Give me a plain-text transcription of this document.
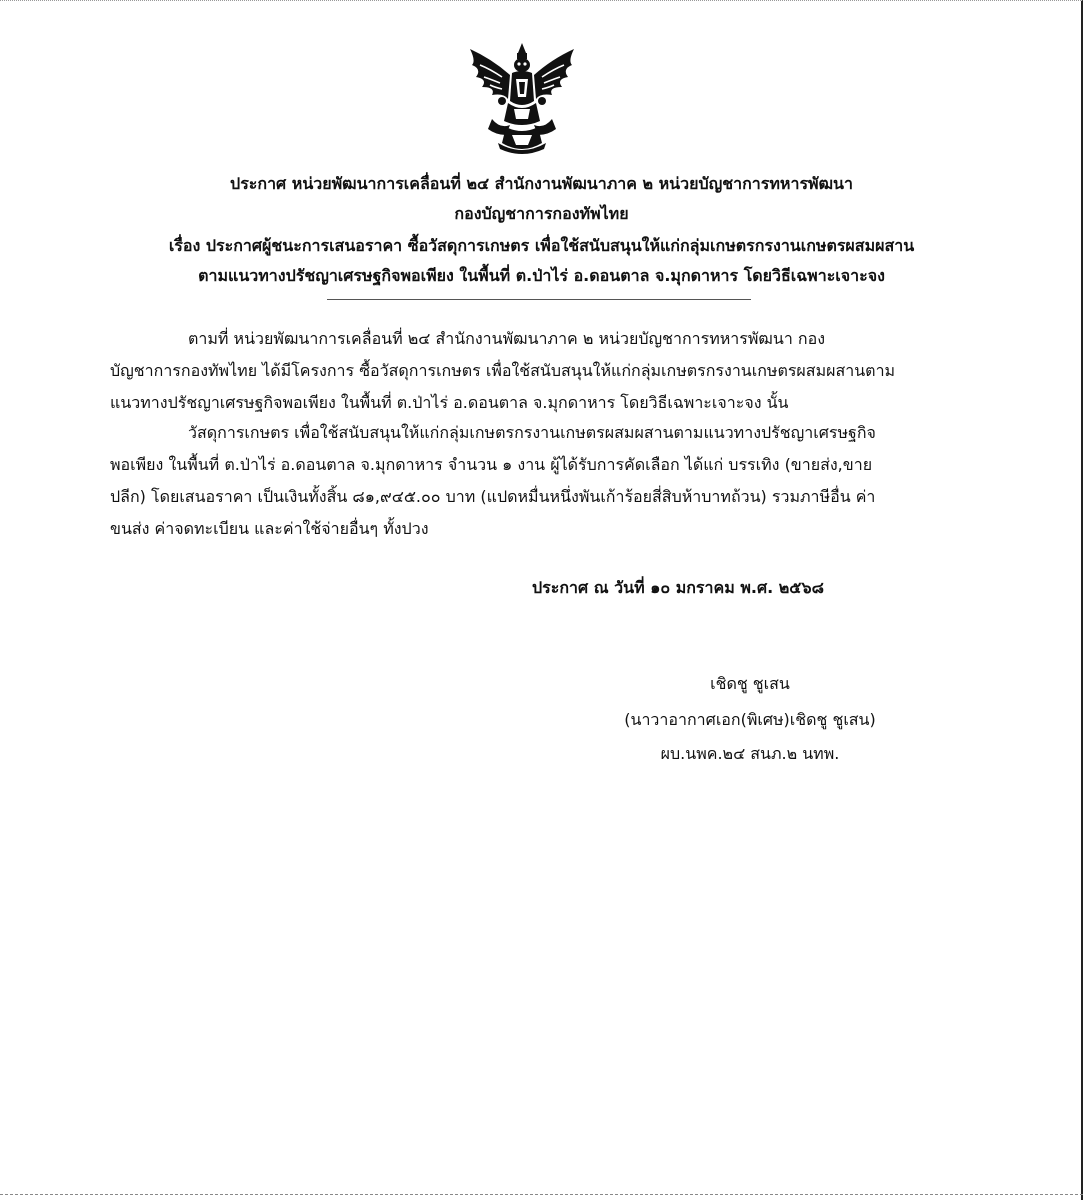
ประกาศ หน่วยพัฒนาการเคลื่อนที่ ๒๔ สำนักงานพัฒนาภาค ๒ หน่วยบัญชาการทหารพัฒนา
กองบัญชาการกองทัพไทย
เรื่อง ประกาศผู้ชนะการเสนอราคา ซื้อวัสดุการเกษตร เพื่อใช้สนับสนุนให้แก่กลุ่มเกษตรกรงานเกษตรผสมผสาน
ตามแนวทางปรัชญาเศรษฐกิจพอเพียง ในพื้นที่ ต.ป่าไร่ อ.ดอนตาล จ.มุกดาหาร โดยวิธีเฉพาะเจาะจง
ตามที่ หน่วยพัฒนาการเคลื่อนที่ ๒๔ สำนักงานพัฒนาภาค ๒ หน่วยบัญชาการทหารพัฒนา กอง
บัญชาการกองทัพไทย ได้มีโครงการ ซื้อวัสดุการเกษตร เพื่อใช้สนับสนุนให้แก่กลุ่มเกษตรกรงานเกษตรผสมผสานตาม
แนวทางปรัชญาเศรษฐกิจพอเพียง ในพื้นที่ ต.ป่าไร่ อ.ดอนตาล จ.มุกดาหาร โดยวิธีเฉพาะเจาะจง นั้น
วัสดุการเกษตร เพื่อใช้สนับสนุนให้แก่กลุ่มเกษตรกรงานเกษตรผสมผสานตามแนวทางปรัชญาเศรษฐกิจ
พอเพียง ในพื้นที่ ต.ป่าไร่ อ.ดอนตาล จ.มุกดาหาร จำนวน ๑ งาน ผู้ได้รับการคัดเลือก ได้แก่ บรรเทิง (ขายส่ง,ขาย
ปลีก) โดยเสนอราคา เป็นเงินทั้งสิ้น ๘๑,๙๔๕.๐๐ บาท (แปดหมื่นหนึ่งพันเก้าร้อยสี่สิบห้าบาทถ้วน) รวมภาษีอื่น ค่า
ขนส่ง ค่าจดทะเบียน และค่าใช้จ่ายอื่นๆ ทั้งปวง
ประกาศ ณ วันที่ ๑๐ มกราคม พ.ศ. ๒๕๖๘
เชิดชู ชูเสน
(นาวาอากาศเอก(พิเศษ)เชิดชู ชูเสน)
ผบ.นพค.๒๔ สนภ.๒ นทพ.
